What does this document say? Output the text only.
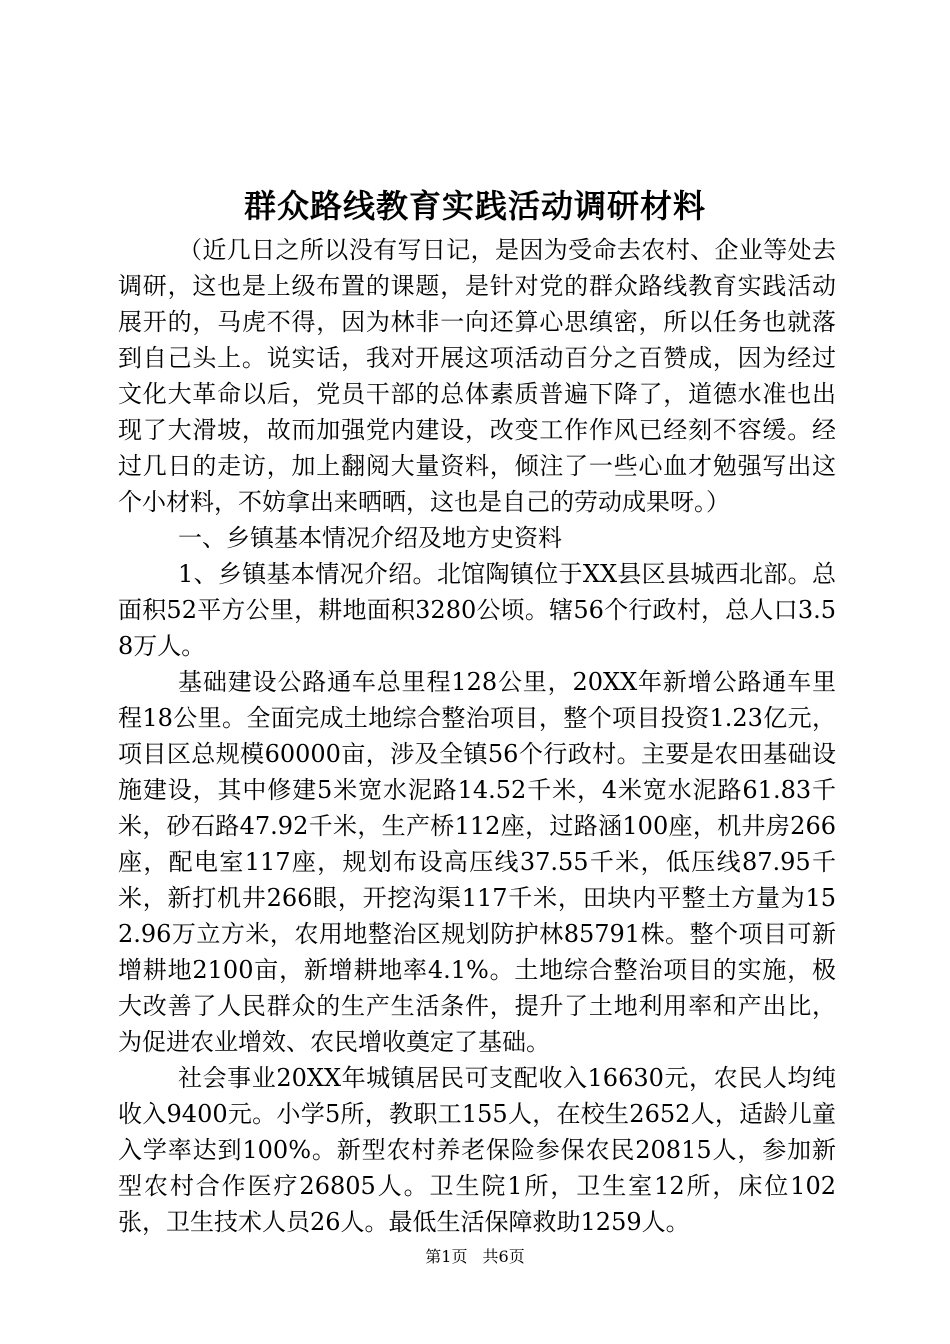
群众路线教育实践活动调研材料

（近几日之所以没有写日记，是因为受命去农村、企业等处去调研，这也是上级布置的课题，是针对党的群众路线教育实践活动展开的，马虎不得，因为林非一向还算心思缜密，所以任务也就落到自己头上。说实话，我对开展这项活动百分之百赞成，因为经过文化大革命以后，党员干部的总体素质普遍下降了，道德水准也出现了大滑坡，故而加强党内建设，改变工作作风已经刻不容缓。经过几日的走访，加上翻阅大量资料，倾注了一些心血才勉强写出这个小材料，不妨拿出来晒晒，这也是自己的劳动成果呀。）

一、乡镇基本情况介绍及地方史资料

1、乡镇基本情况介绍。北馆陶镇位于XX县区县城西北部。总面积52平方公里，耕地面积3280公顷。辖56个行政村，总人口3.58万人。

基础建设公路通车总里程128公里，20XX年新增公路通车里程18公里。全面完成土地综合整治项目，整个项目投资1.23亿元，项目区总规模60000亩，涉及全镇56个行政村。主要是农田基础设施建设，其中修建5米宽水泥路14.52千米，4米宽水泥路61.83千米，砂石路47.92千米，生产桥112座，过路涵100座，机井房266座，配电室117座，规划布设高压线37.55千米，低压线87.95千米，新打机井266眼，开挖沟渠117千米，田块内平整土方量为152.96万立方米，农用地整治区规划防护林85791株。整个项目可新增耕地2100亩，新增耕地率4.1%。土地综合整治项目的实施，极大改善了人民群众的生产生活条件，提升了土地利用率和产出比，为促进农业增效、农民增收奠定了基础。

社会事业20XX年城镇居民可支配收入16630元，农民人均纯收入9400元。小学5所，教职工155人，在校生2652人，适龄儿童入学率达到100%。新型农村养老保险参保农民20815人，参加新型农村合作医疗26805人。卫生院1所，卫生室12所，床位102张，卫生技术人员26人。最低生活保障救助1259人。

第1页 共6页
